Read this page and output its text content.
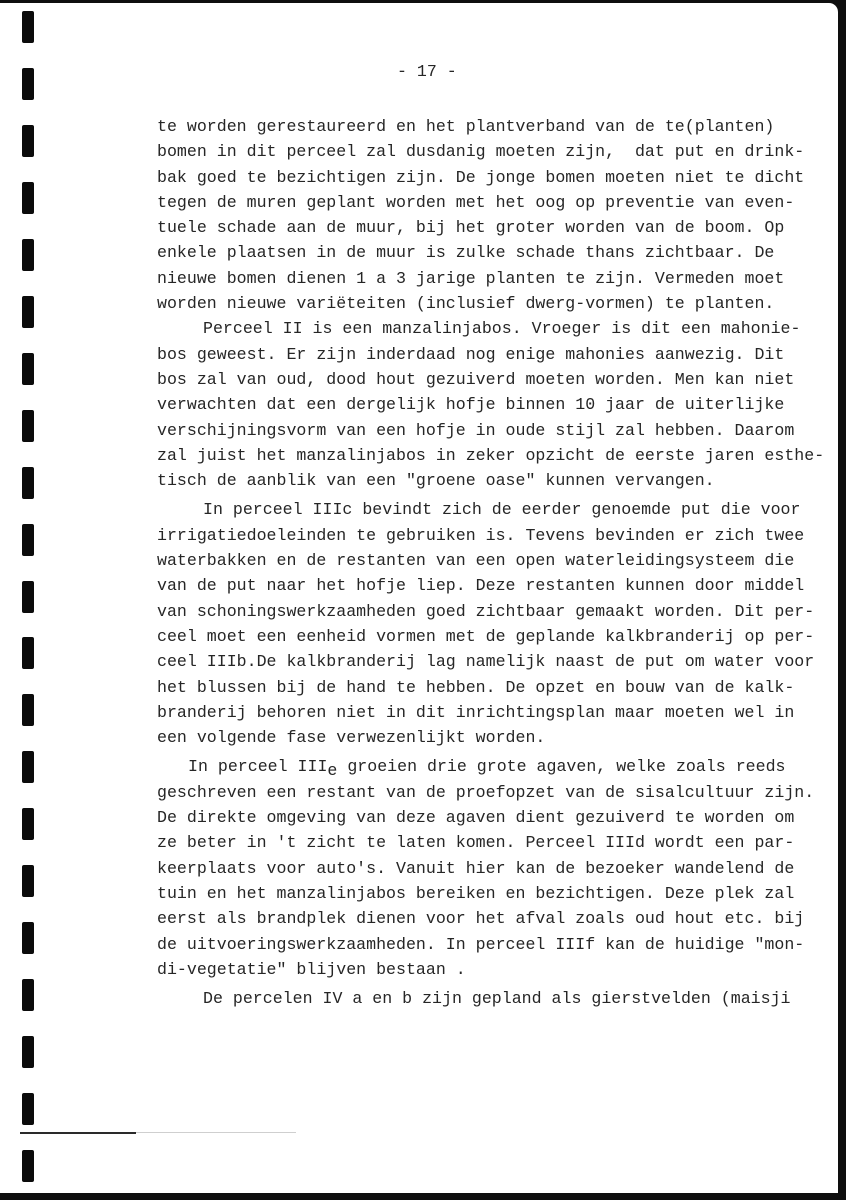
- 17 -
te worden gerestaureerd en het plantverband van de te(planten)
bomen in dit perceel zal dusdanig moeten zijn,  dat put en drink-
bak goed te bezichtigen zijn. De jonge bomen moeten niet te dicht
tegen de muren geplant worden met het oog op preventie van even-
tuele schade aan de muur, bij het groter worden van de boom. Op
enkele plaatsen in de muur is zulke schade thans zichtbaar. De
nieuwe bomen dienen 1 a 3 jarige planten te zijn. Vermeden moet
worden nieuwe variëteiten (inclusief dwerg-vormen) te planten.
Perceel II is een manzalinjabos. Vroeger is dit een mahonie-
bos geweest. Er zijn inderdaad nog enige mahonies aanwezig. Dit
bos zal van oud, dood hout gezuiverd moeten worden. Men kan niet
verwachten dat een dergelijk hofje binnen 10 jaar de uiterlijke
verschijningsvorm van een hofje in oude stijl zal hebben. Daarom
zal juist het manzalinjabos in zeker opzicht de eerste jaren esthe-
tisch de aanblik van een "groene oase" kunnen vervangen.
In perceel IIIc bevindt zich de eerder genoemde put die voor
irrigatiedoeleinden te gebruiken is. Tevens bevinden er zich twee
waterbakken en de restanten van een open waterleidingsysteem die
van de put naar het hofje liep. Deze restanten kunnen door middel
van schoningswerkzaamheden goed zichtbaar gemaakt worden. Dit per-
ceel moet een eenheid vormen met de geplande kalkbranderij op per-
ceel IIIb.De kalkbranderij lag namelijk naast de put om water voor
het blussen bij de hand te hebben. De opzet en bouw van de kalk-
branderij behoren niet in dit inrichtingsplan maar moeten wel in
een volgende fase verwezenlijkt worden.
In perceel IIIe groeien drie grote agaven, welke zoals reeds
geschreven een restant van de proefopzet van de sisalcultuur zijn.
De direkte omgeving van deze agaven dient gezuiverd te worden om
ze beter in 't zicht te laten komen. Perceel IIId wordt een par-
keerplaats voor auto's. Vanuit hier kan de bezoeker wandelend de
tuin en het manzalinjabos bereiken en bezichtigen. Deze plek zal
eerst als brandplek dienen voor het afval zoals oud hout etc. bij
de uitvoeringswerkzaamheden. In perceel IIIf kan de huidige "mon-
di-vegetatie" blijven bestaan .
De percelen IV a en b zijn gepland als gierstvelden (maisji
